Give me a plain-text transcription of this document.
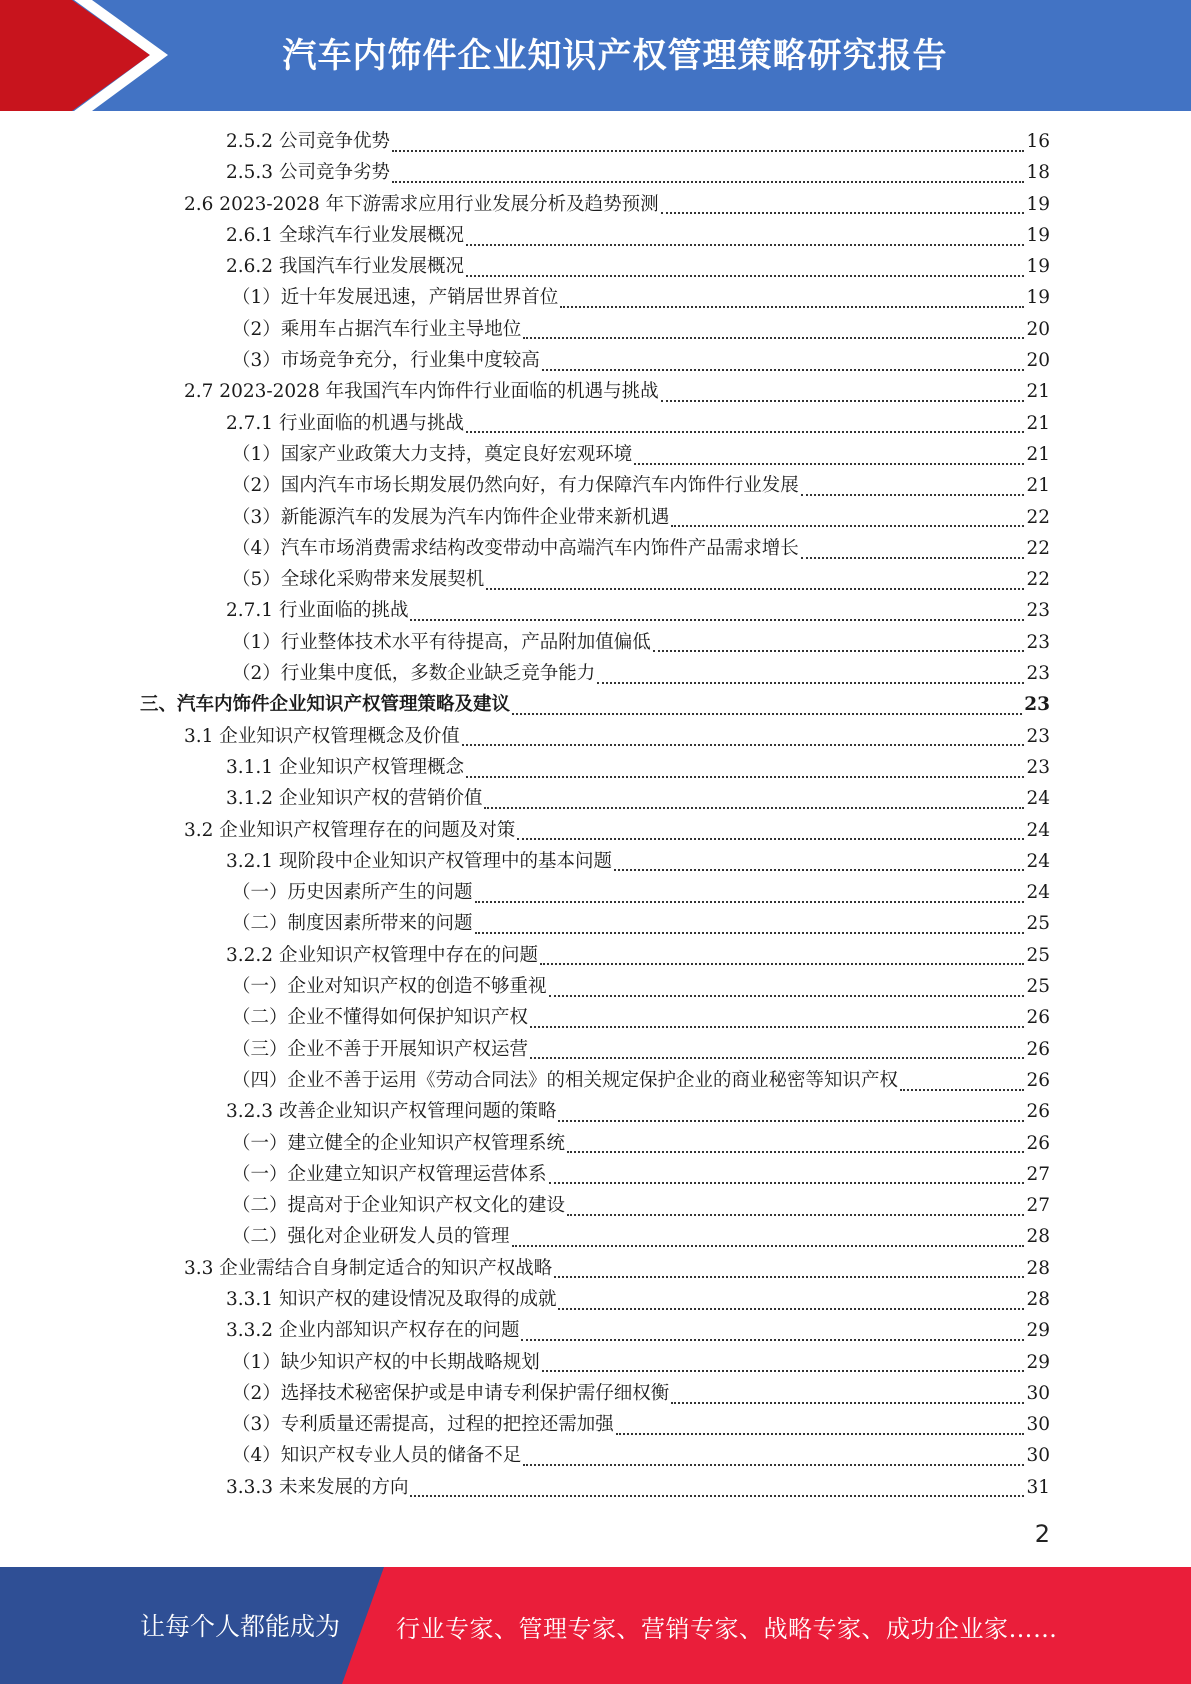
汽车内饰件企业知识产权管理策略研究报告
2.5.2 公司竞争优势	16
2.5.3 公司竞争劣势	18
2.6 2023-2028 年下游需求应用行业发展分析及趋势预测	19
2.6.1 全球汽车行业发展概况	19
2.6.2 我国汽车行业发展概况	19
（1）近十年发展迅速，产销居世界首位	19
（2）乘用车占据汽车行业主导地位	20
（3）市场竞争充分，行业集中度较高	20
2.7 2023-2028 年我国汽车内饰件行业面临的机遇与挑战	21
2.7.1 行业面临的机遇与挑战	21
（1）国家产业政策大力支持，奠定良好宏观环境	21
（2）国内汽车市场长期发展仍然向好，有力保障汽车内饰件行业发展	21
（3）新能源汽车的发展为汽车内饰件企业带来新机遇	22
（4）汽车市场消费需求结构改变带动中高端汽车内饰件产品需求增长	22
（5）全球化采购带来发展契机	22
2.7.1 行业面临的挑战	23
（1）行业整体技术水平有待提高，产品附加值偏低	23
（2）行业集中度低，多数企业缺乏竞争能力	23
三、汽车内饰件企业知识产权管理策略及建议	23
3.1 企业知识产权管理概念及价值	23
3.1.1 企业知识产权管理概念	23
3.1.2 企业知识产权的营销价值	24
3.2 企业知识产权管理存在的问题及对策	24
3.2.1 现阶段中企业知识产权管理中的基本问题	24
（一）历史因素所产生的问题	24
（二）制度因素所带来的问题	25
3.2.2 企业知识产权管理中存在的问题	25
（一）企业对知识产权的创造不够重视	25
（二）企业不懂得如何保护知识产权	26
（三）企业不善于开展知识产权运营	26
（四）企业不善于运用《劳动合同法》的相关规定保护企业的商业秘密等知识产权	26
3.2.3 改善企业知识产权管理问题的策略	26
（一）建立健全的企业知识产权管理系统	26
（一）企业建立知识产权管理运营体系	27
（二）提高对于企业知识产权文化的建设	27
（二）强化对企业研发人员的管理	28
3.3 企业需结合自身制定适合的知识产权战略	28
3.3.1 知识产权的建设情况及取得的成就	28
3.3.2 企业内部知识产权存在的问题	29
（1）缺少知识产权的中长期战略规划	29
（2）选择技术秘密保护或是申请专利保护需仔细权衡	30
（3）专利质量还需提高，过程的把控还需加强	30
（4）知识产权专业人员的储备不足	30
3.3.3 未来发展的方向	31
2
让每个人都能成为 行业专家、管理专家、营销专家、战略专家、成功企业家……
